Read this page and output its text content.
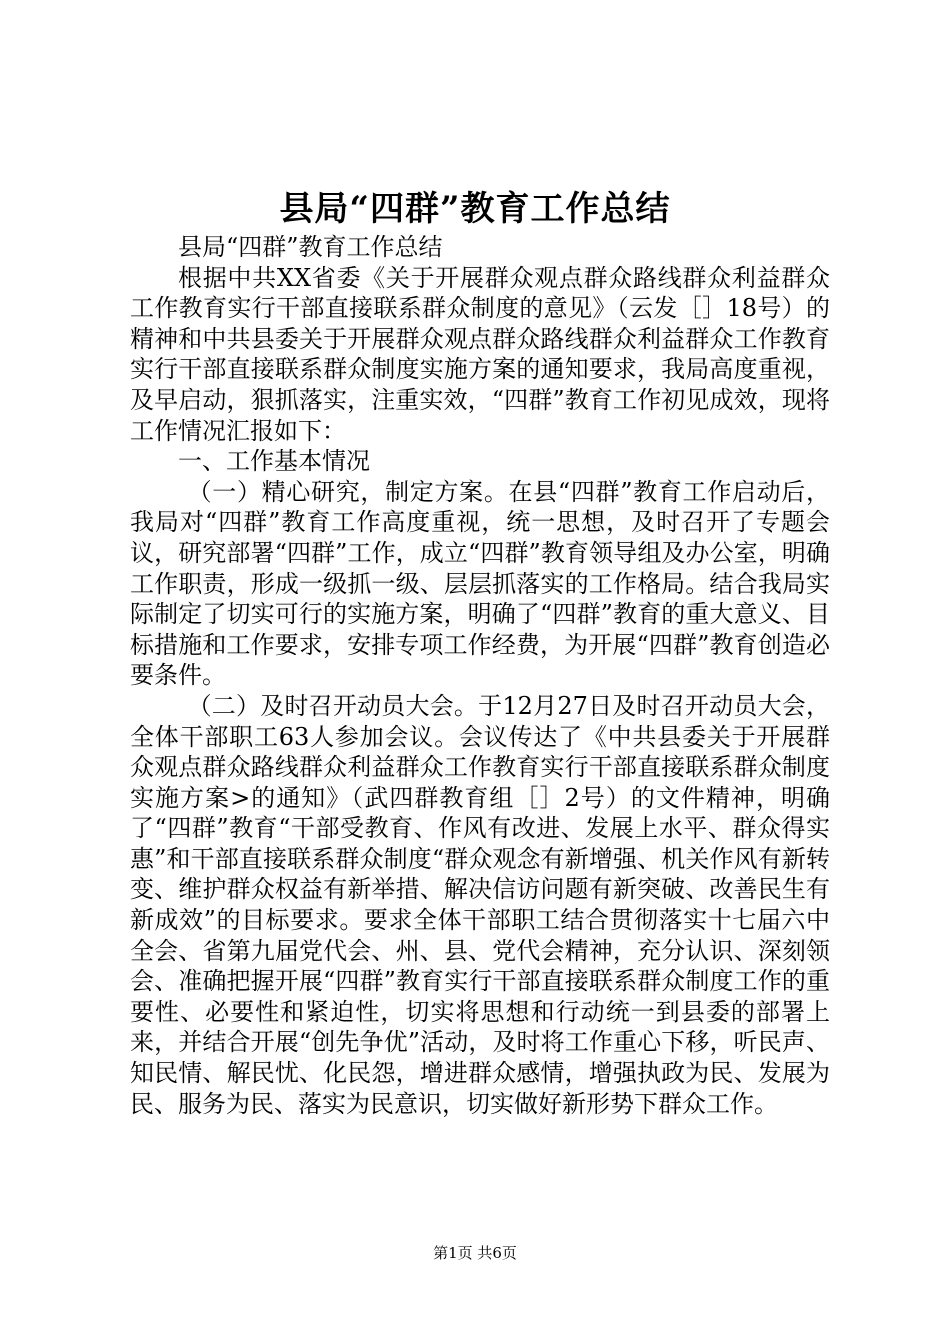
县局“四群”教育工作总结

县局“四群”教育工作总结

根据中共XX省委《关于开展群众观点群众路线群众利益群众工作教育实行干部直接联系群众制度的意见》（云发［］18号）的精神和中共县委关于开展群众观点群众路线群众利益群众工作教育实行干部直接联系群众制度实施方案的通知要求，我局高度重视，及早启动，狠抓落实，注重实效，“四群”教育工作初见成效，现将工作情况汇报如下：

一、工作基本情况

（一）精心研究，制定方案。在县“四群”教育工作启动后，我局对“四群”教育工作高度重视，统一思想，及时召开了专题会议，研究部署“四群”工作，成立“四群”教育领导组及办公室，明确工作职责，形成一级抓一级、层层抓落实的工作格局。结合我局实际制定了切实可行的实施方案，明确了“四群”教育的重大意义、目标措施和工作要求，安排专项工作经费，为开展“四群”教育创造必要条件。

（二）及时召开动员大会。于12月27日及时召开动员大会，全体干部职工63人参加会议。会议传达了《中共县委关于开展群众观点群众路线群众利益群众工作教育实行干部直接联系群众制度实施方案>的通知》（武四群教育组［］2号）的文件精神，明确了“四群”教育“干部受教育、作风有改进、发展上水平、群众得实惠”和干部直接联系群众制度“群众观念有新增强、机关作风有新转变、维护群众权益有新举措、解决信访问题有新突破、改善民生有新成效”的目标要求。要求全体干部职工结合贯彻落实十七届六中全会、省第九届党代会、州、县、党代会精神，充分认识、深刻领会、准确把握开展“四群”教育实行干部直接联系群众制度工作的重要性、必要性和紧迫性，切实将思想和行动统一到县委的部署上来，并结合开展“创先争优”活动，及时将工作重心下移，听民声、知民情、解民忧、化民怨，增进群众感情，增强执政为民、发展为民、服务为民、落实为民意识，切实做好新形势下群众工作。

第1页 共6页
